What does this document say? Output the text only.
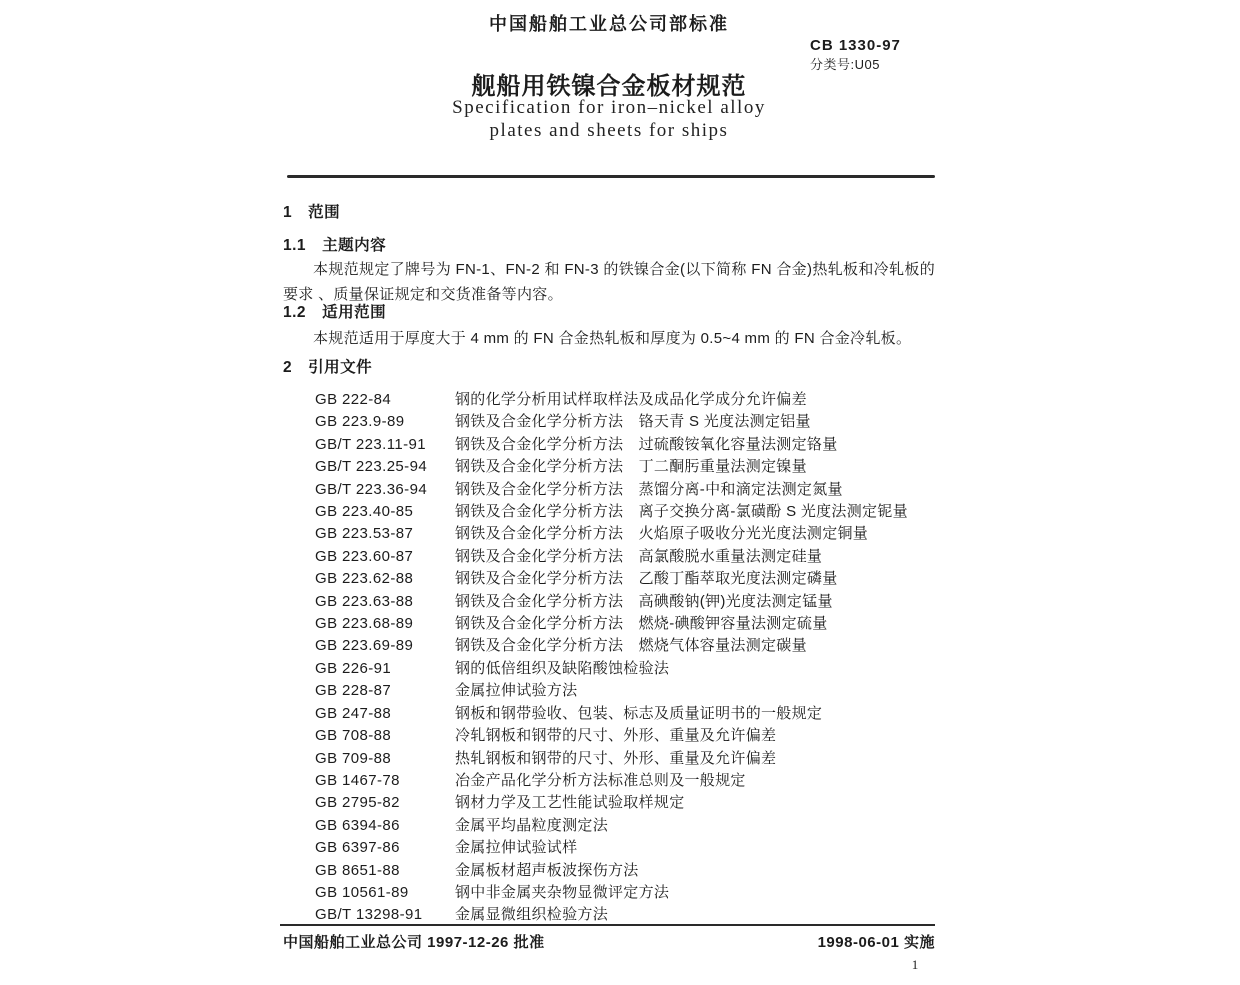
中国船舶工业总公司部标准
CB 1330-97
分类号:U05
舰船用铁镍合金板材规范
Specification for iron–nickel alloy
plates and sheets for ships
1 范围
1.1 主题内容
本规范规定了牌号为 FN-1、FN-2 和 FN-3 的铁镍合金(以下简称 FN 合金)热轧板和冷轧板的要求 、质量保证规定和交货准备等内容。
1.2 适用范围
本规范适用于厚度大于 4 mm 的 FN 合金热轧板和厚度为 0.5~4 mm 的 FN 合金冷轧板。
2 引用文件
GB 222-84	钢的化学分析用试样取样法及成品化学成分允许偏差
GB 223.9-89	钢铁及合金化学分析方法　铬天青 S 光度法测定铝量
GB/T 223.11-91	钢铁及合金化学分析方法　过硫酸铵氧化容量法测定铬量
GB/T 223.25-94	钢铁及合金化学分析方法　丁二酮肟重量法测定镍量
GB/T 223.36-94	钢铁及合金化学分析方法　蒸馏分离-中和滴定法测定氮量
GB 223.40-85	钢铁及合金化学分析方法　离子交换分离-氯磺酚 S 光度法测定铌量
GB 223.53-87	钢铁及合金化学分析方法　火焰原子吸收分光光度法测定铜量
GB 223.60-87	钢铁及合金化学分析方法　高氯酸脱水重量法测定硅量
GB 223.62-88	钢铁及合金化学分析方法　乙酸丁酯萃取光度法测定磷量
GB 223.63-88	钢铁及合金化学分析方法　高碘酸钠(钾)光度法测定锰量
GB 223.68-89	钢铁及合金化学分析方法　燃烧-碘酸钾容量法测定硫量
GB 223.69-89	钢铁及合金化学分析方法　燃烧气体容量法测定碳量
GB 226-91	钢的低倍组织及缺陷酸蚀检验法
GB 228-87	金属拉伸试验方法
GB 247-88	钢板和钢带验收、包装、标志及质量证明书的一般规定
GB 708-88	冷轧钢板和钢带的尺寸、外形、重量及允许偏差
GB 709-88	热轧钢板和钢带的尺寸、外形、重量及允许偏差
GB 1467-78	冶金产品化学分析方法标准总则及一般规定
GB 2795-82	钢材力学及工艺性能试验取样规定
GB 6394-86	金属平均晶粒度测定法
GB 6397-86	金属拉伸试验试样
GB 8651-88	金属板材超声板波探伤方法
GB 10561-89	钢中非金属夹杂物显微评定方法
GB/T 13298-91	金属显微组织检验方法
中国船舶工业总公司 1997-12-26 批准	1998-06-01 实施
1
